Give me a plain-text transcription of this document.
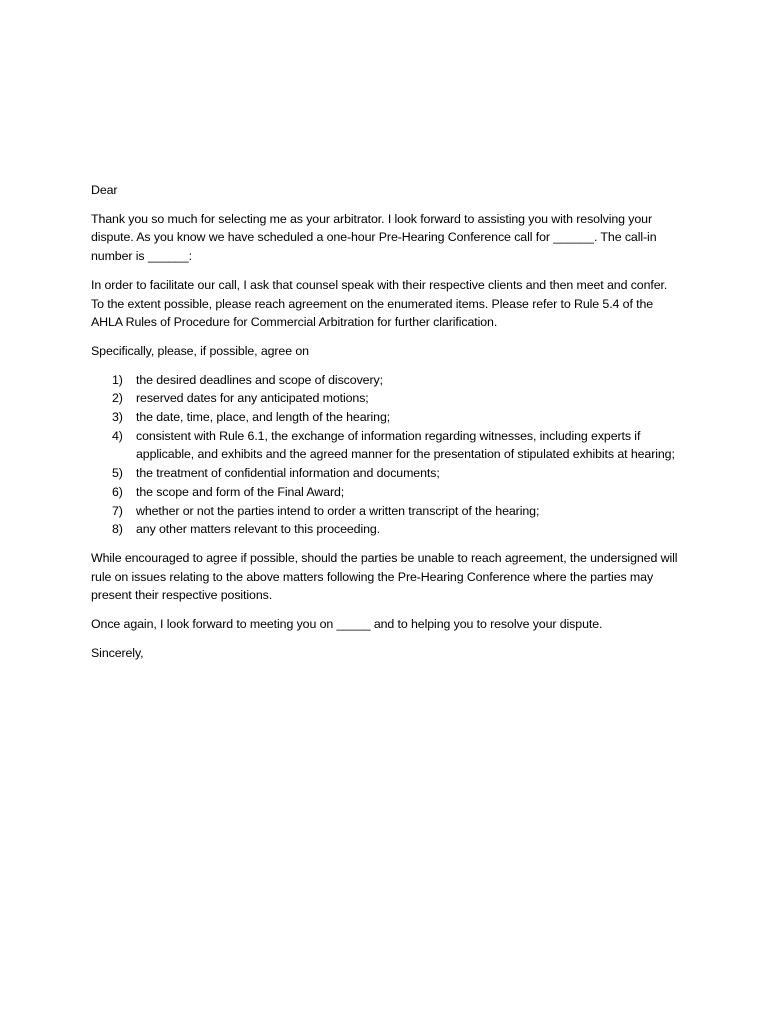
Dear

Thank you so much for selecting me as your arbitrator. I look forward to assisting you with resolving your dispute. As you know we have scheduled a one-hour Pre-Hearing Conference call for ______. The call-in number is ______:

In order to facilitate our call, I ask that counsel speak with their respective clients and then meet and confer. To the extent possible, please reach agreement on the enumerated items. Please refer to Rule 5.4 of the AHLA Rules of Procedure for Commercial Arbitration for further clarification.

Specifically, please, if possible, agree on

1)	the desired deadlines and scope of discovery;
2)	reserved dates for any anticipated motions;
3)	the date, time, place, and length of the hearing;
4)	consistent with Rule 6.1, the exchange of information regarding witnesses, including experts if applicable, and exhibits and the agreed manner for the presentation of stipulated exhibits at hearing;
5)	the treatment of confidential information and documents;
6)	the scope and form of the Final Award;
7)	whether or not the parties intend to order a written transcript of the hearing;
8)	any other matters relevant to this proceeding.

While encouraged to agree if possible, should the parties be unable to reach agreement, the undersigned will rule on issues relating to the above matters following the Pre-Hearing Conference where the parties may present their respective positions.

Once again, I look forward to meeting you on _____ and to helping you to resolve your dispute.

Sincerely,
